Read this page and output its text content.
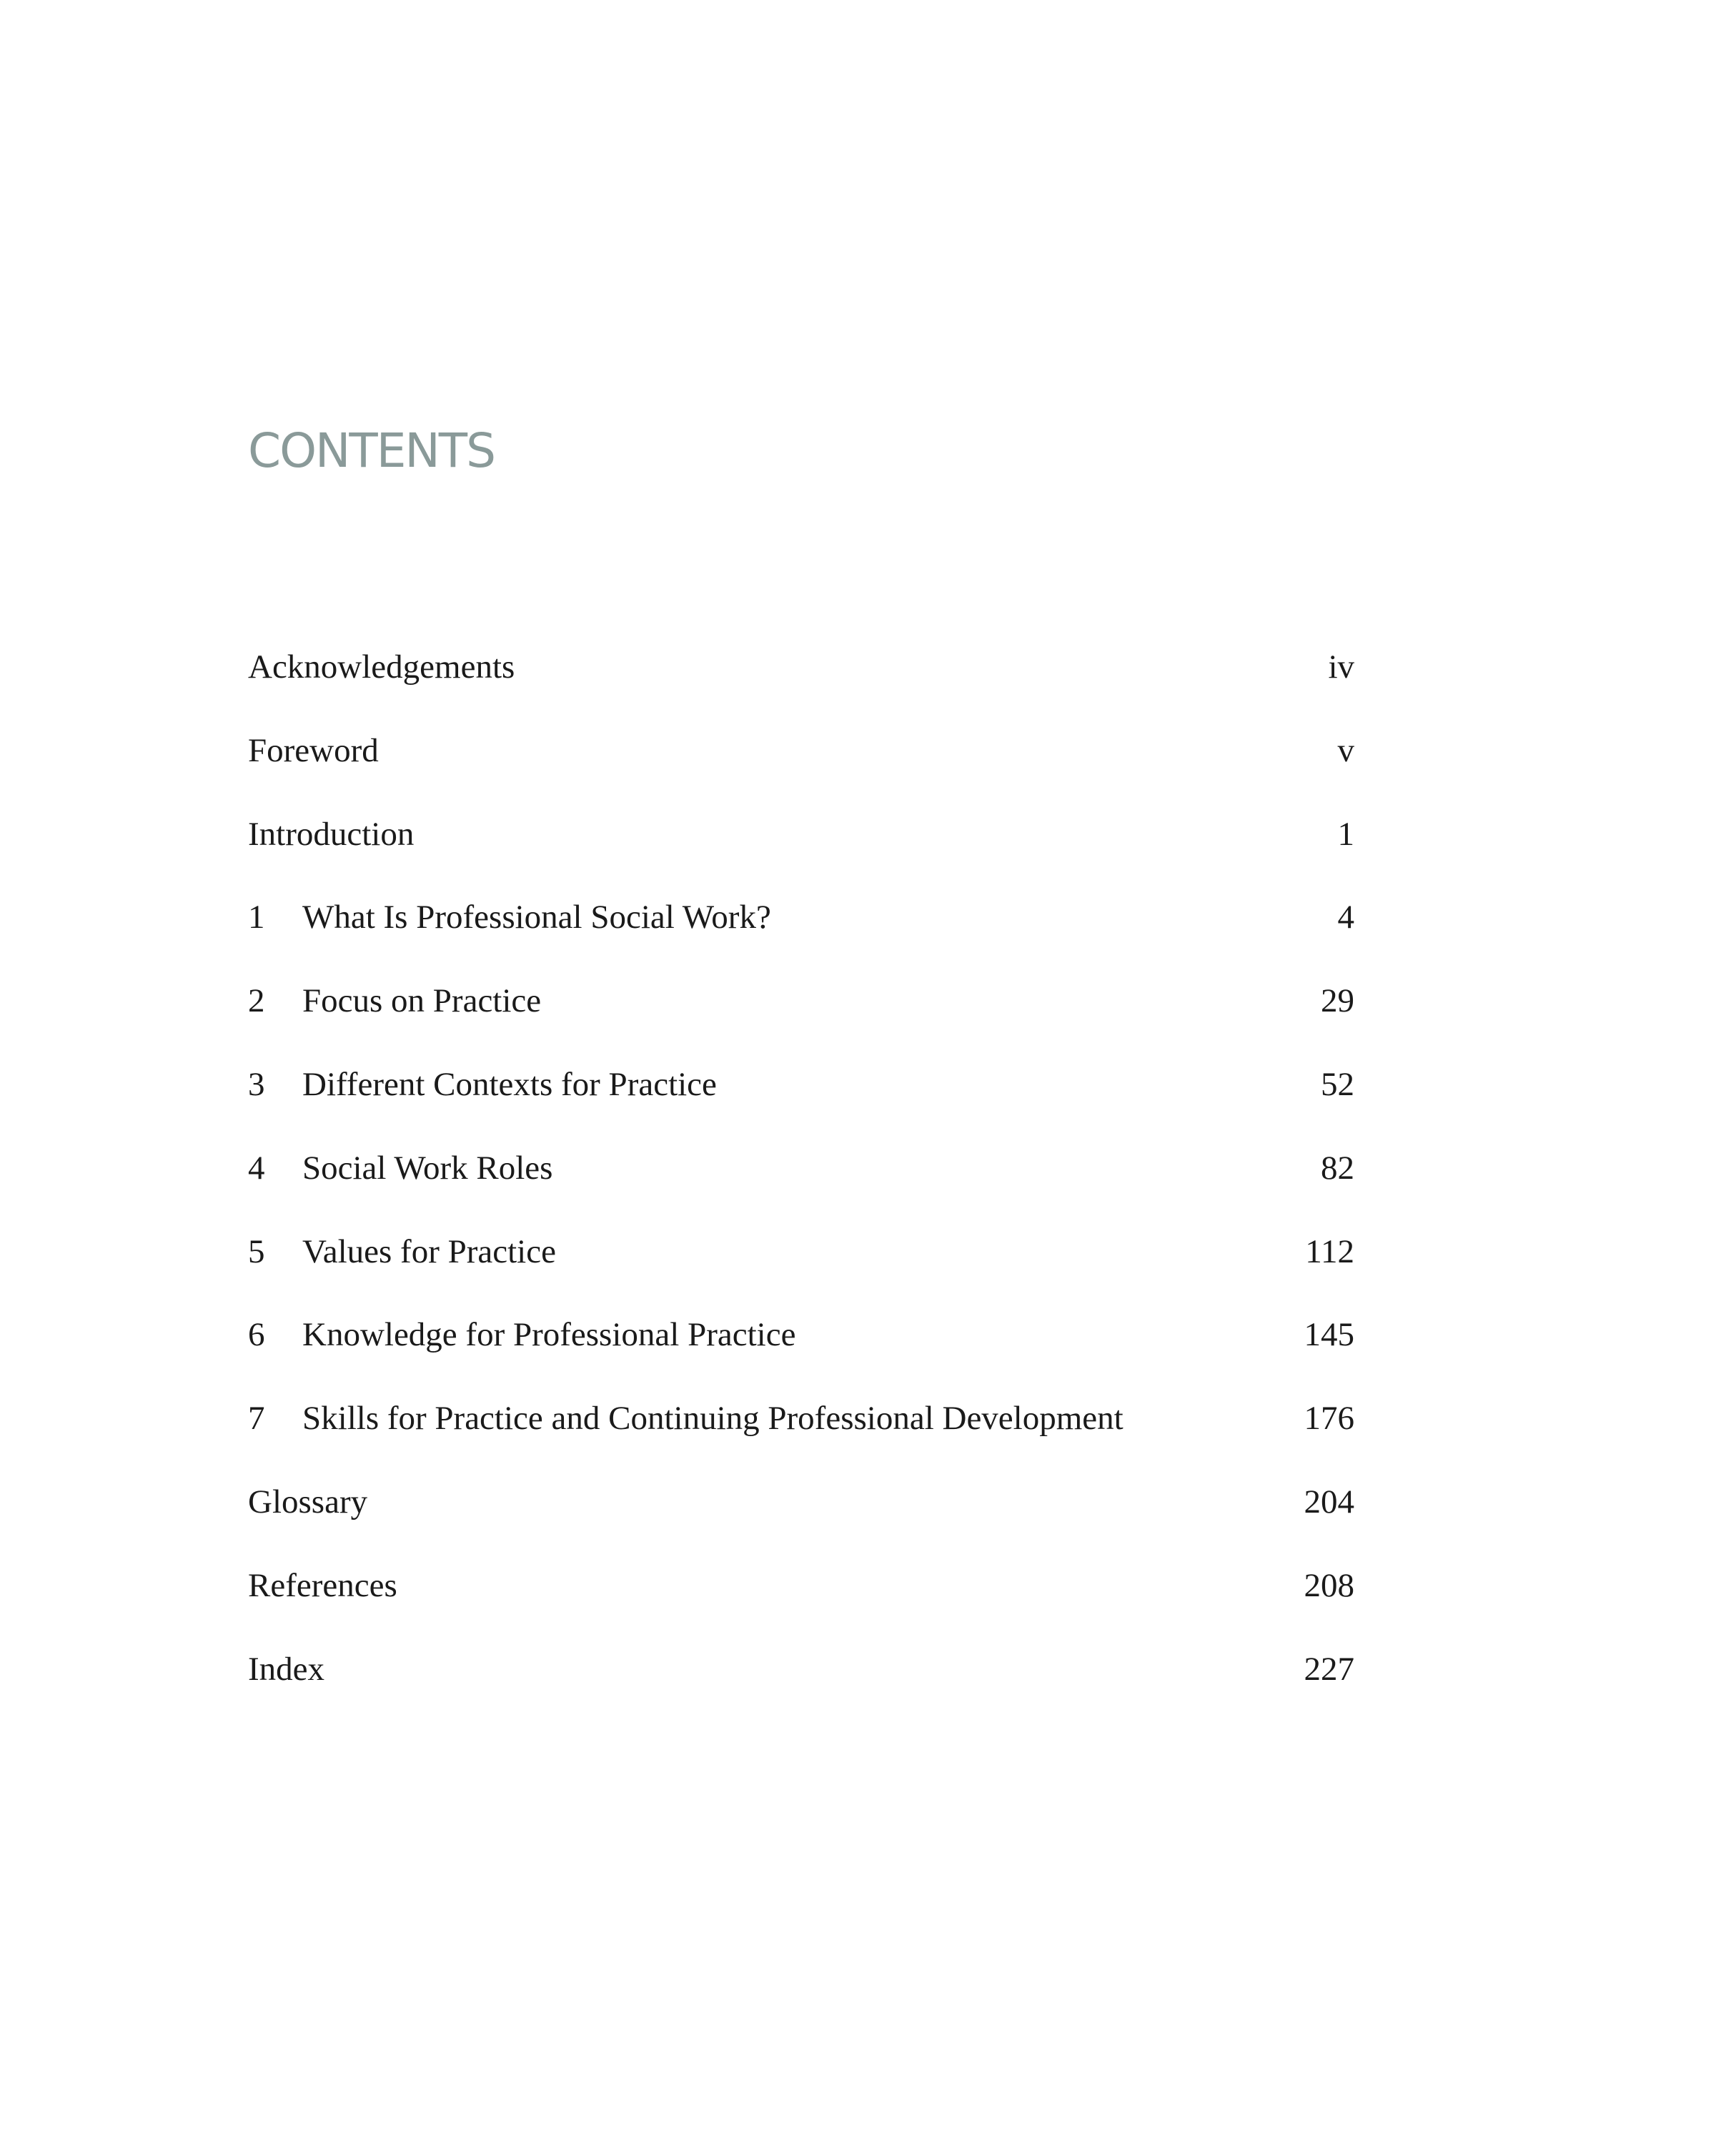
CONTENTS
Acknowledgements	iv
Foreword	v
Introduction	1
1	What Is Professional Social Work?	4
2	Focus on Practice	29
3	Different Contexts for Practice	52
4	Social Work Roles	82
5	Values for Practice	112
6	Knowledge for Professional Practice	145
7	Skills for Practice and Continuing Professional Development	176
Glossary	204
References	208
Index	227
